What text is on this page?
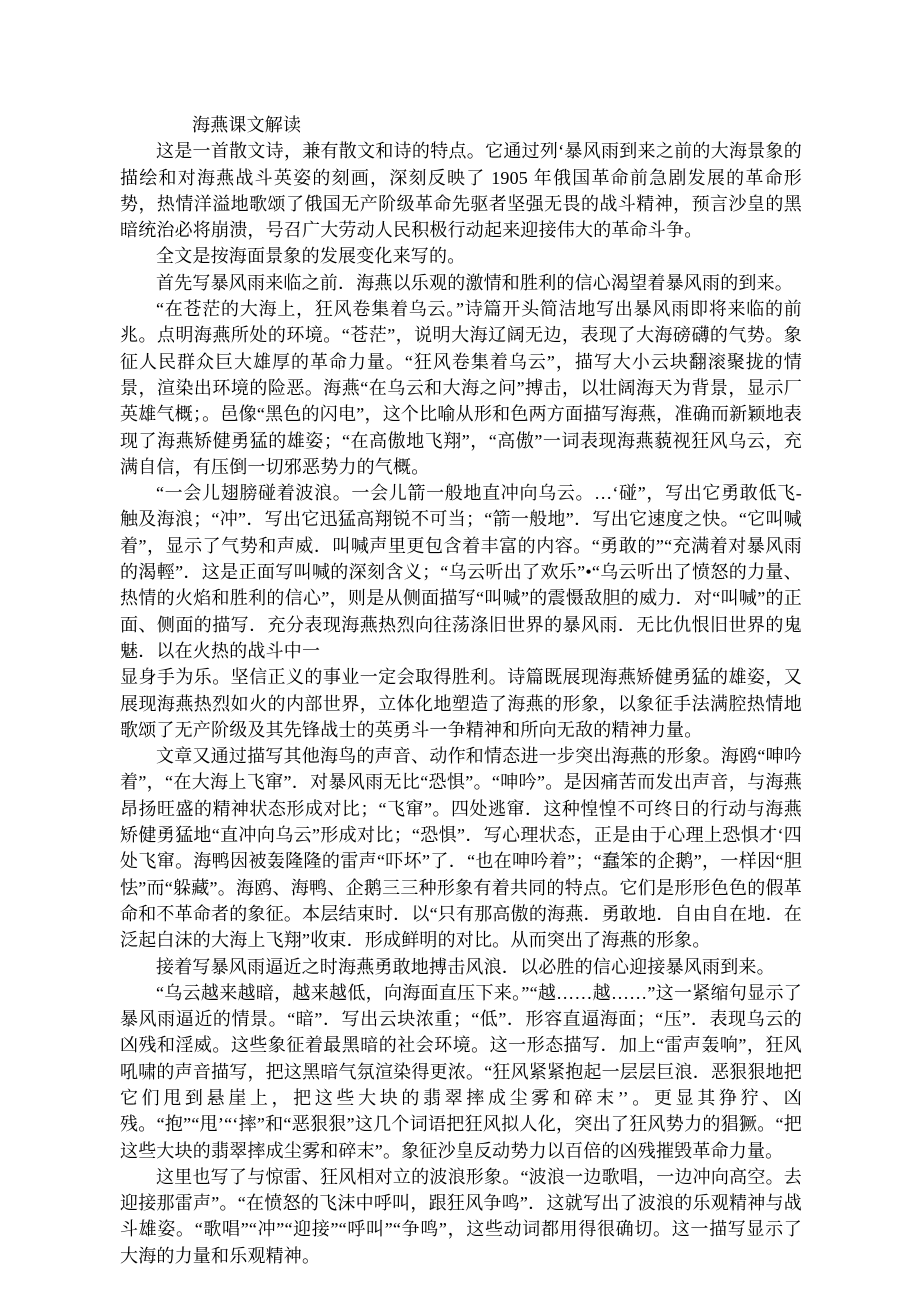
海燕课文解读

这是一首散文诗，兼有散文和诗的特点。它通过列‘暴风雨到来之前的大海景象的描绘和对海燕战斗英姿的刻画，深刻反映了 1905 年俄国革命前急剧发展的革命形势，热情洋溢地歌颂了俄国无产阶级革命先驱者坚强无畏的战斗精神，预言沙皇的黑暗统治必将崩溃，号召广大劳动人民积极行动起来迎接伟大的革命斗争。

全文是按海面景象的发展变化来写的。

首先写暴风雨来临之前．海燕以乐观的激情和胜利的信心渴望着暴风雨的到来。

“在苍茫的大海上，狂风卷集着乌云。”诗篇开头简洁地写出暴风雨即将来临的前兆。点明海燕所处的环境。“苍茫”，说明大海辽阔无边，表现了大海磅礴的气势。象征人民群众巨大雄厚的革命力量。“狂风卷集着乌云”，描写大小云块翻滚聚拢的情景，渲染出环境的险恶。海燕“在乌云和大海之问”搏击，以壮阔海天为背景，显示厂英雄气概；。邑像“黑色的闪电”，这个比喻从形和色两方面描写海燕，准确而新颖地表现了海燕矫健勇猛的雄姿；“在高傲地飞翔”，“高傲”一词表现海燕藐视狂风乌云，充满自信，有压倒一切邪恶势力的气概。

“一会儿翅膀碰着波浪。一会儿箭一般地直冲向乌云。…‘碰”，写出它勇敢低飞-触及海浪；“冲”．写出它迅猛高翔锐不可当；“箭一般地”．写出它速度之快。“它叫喊着”，显示了气势和声威．叫喊声里更包含着丰富的内容。“勇敢的”“充满着对暴风雨的渴輕”．这是正面写叫喊的深刻含义；“乌云听出了欢乐”•“乌云听出了愤怒的力量、热情的火焰和胜利的信心”，则是从侧面描写“叫喊”的震慑敌胆的威力．对“叫喊”的正面、侧面的描写．充分表现海燕热烈向往荡涤旧世界的暴风雨．无比仇恨旧世界的鬼魅．以在火热的战斗中一

显身手为乐。坚信正义的事业一定会取得胜利。诗篇既展现海燕矫健勇猛的雄姿，又展现海燕热烈如火的内部世界，立体化地塑造了海燕的形象，以象征手法满腔热情地歌颂了无产阶级及其先锋战士的英勇斗一争精神和所向无敌的精神力量。

文章又通过描写其他海鸟的声音、动作和情态进一步突出海燕的形象。海鸥“呻吟着”，“在大海上飞窜”．对暴风雨无比“恐惧”。“呻吟”。是因痛苦而发出声音，与海燕昂扬旺盛的精神状态形成对比；“飞窜”。四处逃窜．这种惶惶不可终日的行动与海燕矫健勇猛地“直冲向乌云”形成对比；“恐惧”．写心理状态，正是由于心理上恐惧才‘四处飞窜。海鸭因被轰隆隆的雷声“吓坏”了．“也在呻吟着”；“蠢笨的企鹅”，一样因“胆怯”而“躲藏”。海鸥、海鸭、企鹅三三种形象有着共同的特点。它们是形形色色的假革命和不革命者的象征。本层结束时．以“只有那高傲的海燕．勇敢地．自由自在地．在泛起白沫的大海上飞翔”收束．形成鲜明的对比。从而突出了海燕的形象。

接着写暴风雨逼近之时海燕勇敢地搏击风浪．以必胜的信心迎接暴风雨到来。

“乌云越来越暗，越来越低，向海面直压下来。”“越……越……”这一紧缩句显示了暴风雨逼近的情景。“暗”．写出云块浓重；“低”．形容直逼海面；“压”．表现乌云的凶残和淫威。这些象征着最黑暗的社会环境。这一形态描写．加上“雷声轰响”，狂风吼啸的声音描写，把这黑暗气氛渲染得更浓。“狂风紧紧抱起一层层巨浪．恶狠狠地把它们甩到悬崖上，把这些大块的翡翠摔成尘雾和碎末’’。更显其狰狞、凶残。“抱”“甩’“‘摔”和“恶狠狠”这几个词语把狂风拟人化，突出了狂风势力的猖獗。“把这些大块的翡翠摔成尘雾和碎末”。象征沙皇反动势力以百倍的凶残摧毁革命力量。

这里也写了与惊雷、狂风相对立的波浪形象。“波浪一边歌唱，一边冲向高空。去迎接那雷声”。“在愤怒的飞沫中呼叫，跟狂风争鸣”．这就写出了波浪的乐观精神与战斗雄姿。“歌唱”“冲”“迎接”“呼叫”“争鸣”，这些动词都用得很确切。这一描写显示了大海的力量和乐观精神。
